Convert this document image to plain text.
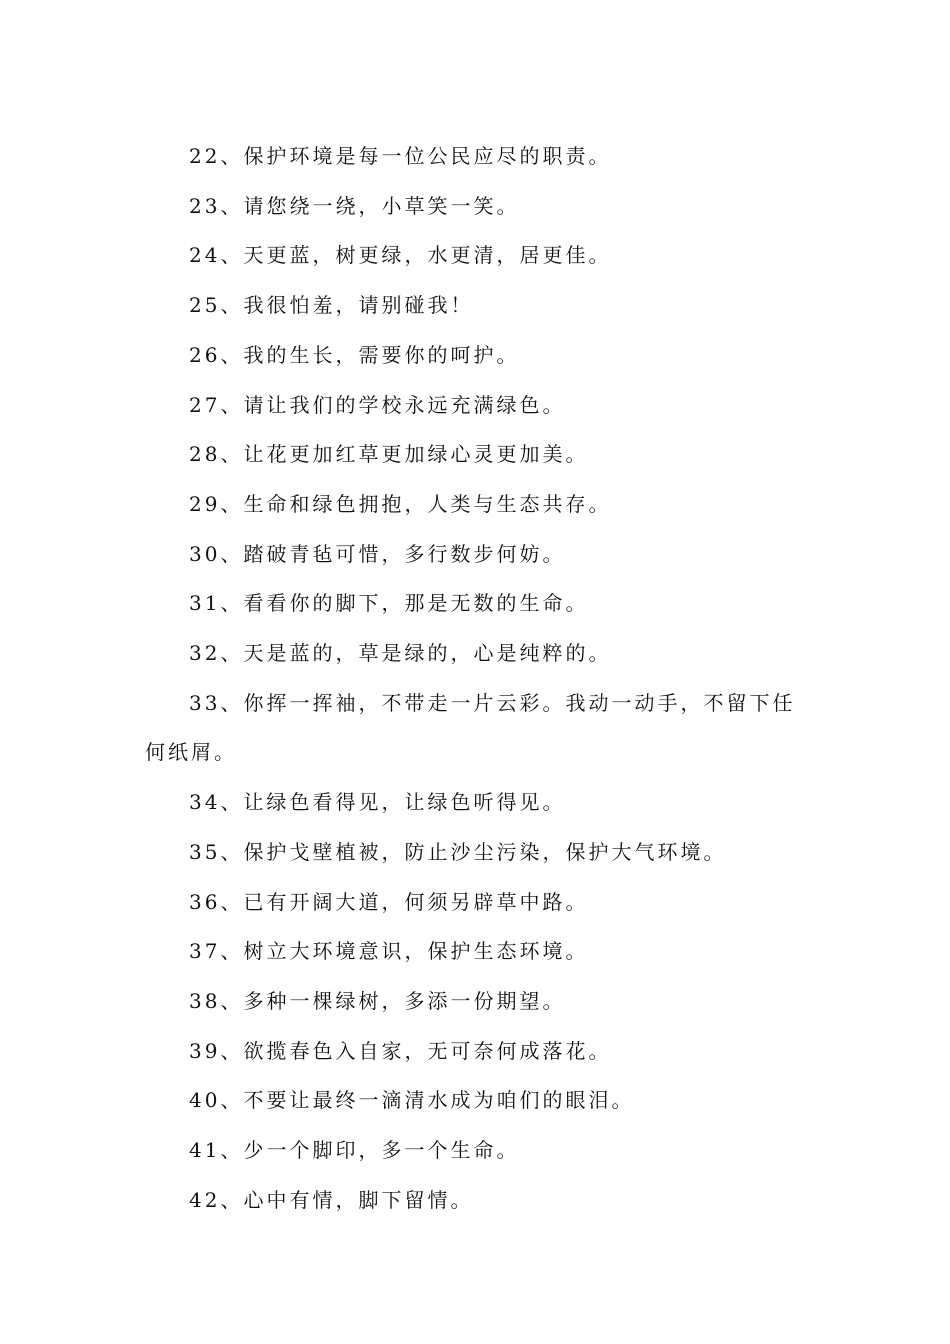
22、保护环境是每一位公民应尽的职责。

23、请您绕一绕，小草笑一笑。

24、天更蓝，树更绿，水更清，居更佳。

25、我很怕羞，请别碰我！

26、我的生长，需要你的呵护。

27、请让我们的学校永远充满绿色。

28、让花更加红草更加绿心灵更加美。

29、生命和绿色拥抱，人类与生态共存。

30、踏破青毡可惜，多行数步何妨。

31、看看你的脚下，那是无数的生命。

32、天是蓝的，草是绿的，心是纯粹的。

33、你挥一挥袖，不带走一片云彩。我动一动手，不留下任何纸屑。

34、让绿色看得见，让绿色听得见。

35、保护戈壁植被，防止沙尘污染，保护大气环境。

36、已有开阔大道，何须另辟草中路。

37、树立大环境意识，保护生态环境。

38、多种一棵绿树，多添一份期望。

39、欲揽春色入自家，无可奈何成落花。

40、不要让最终一滴清水成为咱们的眼泪。

41、少一个脚印，多一个生命。

42、心中有情，脚下留情。
